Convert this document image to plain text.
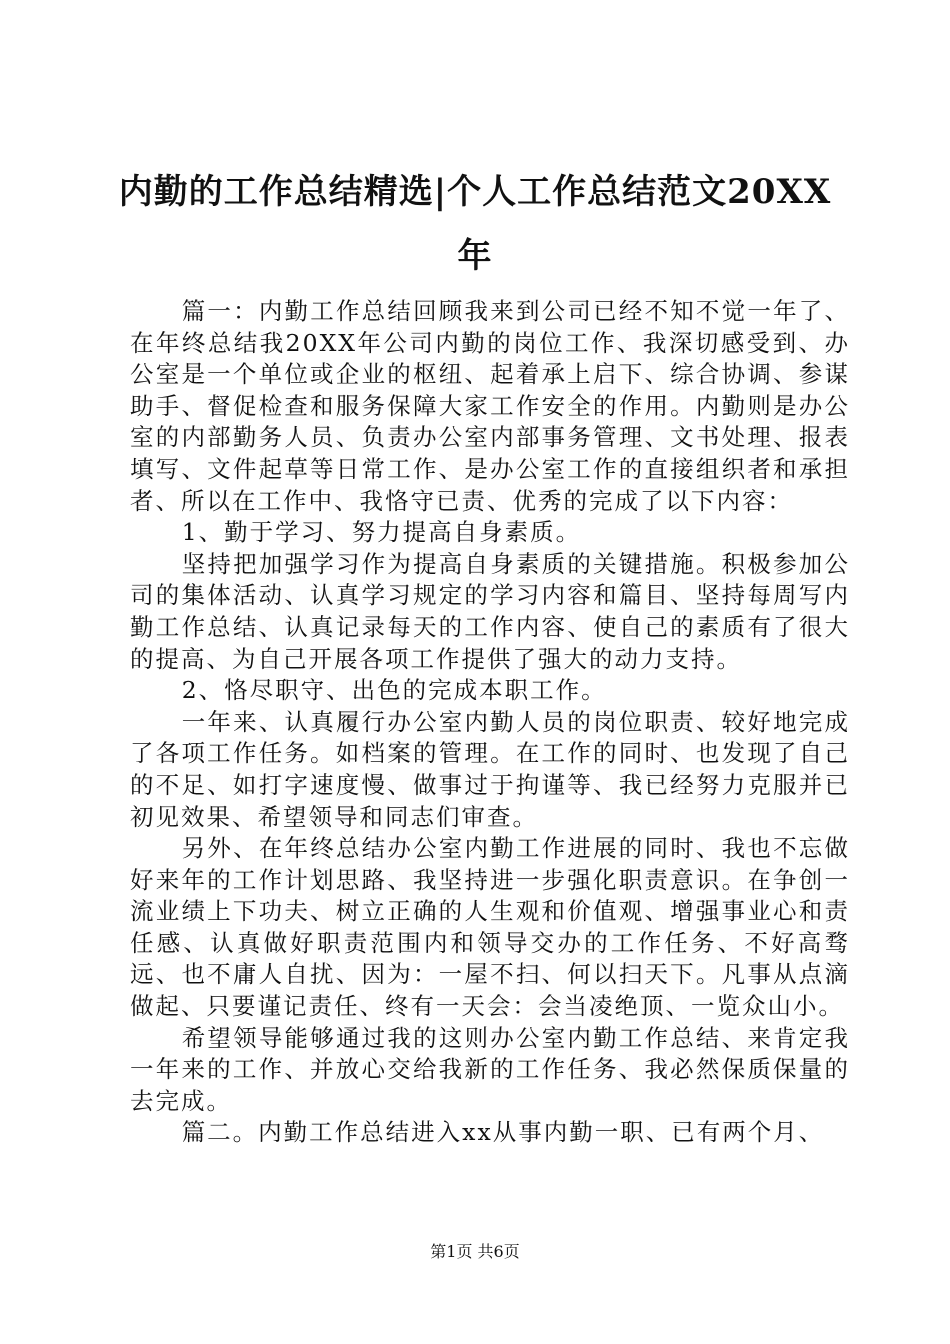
内勤的工作总结精选|个人工作总结范文20XX年

篇一：内勤工作总结回顾我来到公司已经不知不觉一年了、在年终总结我20XX年公司内勤的岗位工作、我深切感受到、办公室是一个单位或企业的枢纽、起着承上启下、综合协调、参谋助手、督促检查和服务保障大家工作安全的作用。内勤则是办公室的内部勤务人员、负责办公室内部事务管理、文书处理、报表填写、文件起草等日常工作、是办公室工作的直接组织者和承担者、所以在工作中、我恪守已责、优秀的完成了以下内容：

1、勤于学习、努力提高自身素质。

坚持把加强学习作为提高自身素质的关键措施。积极参加公司的集体活动、认真学习规定的学习内容和篇目、坚持每周写内勤工作总结、认真记录每天的工作内容、使自己的素质有了很大的提高、为自己开展各项工作提供了强大的动力支持。

2、恪尽职守、出色的完成本职工作。

一年来、认真履行办公室内勤人员的岗位职责、较好地完成了各项工作任务。如档案的管理。在工作的同时、也发现了自己的不足、如打字速度慢、做事过于拘谨等、我已经努力克服并已初见效果、希望领导和同志们审查。

另外、在年终总结办公室内勤工作进展的同时、我也不忘做好来年的工作计划思路、我坚持进一步强化职责意识。在争创一流业绩上下功夫、树立正确的人生观和价值观、增强事业心和责任感、认真做好职责范围内和领导交办的工作任务、不好高骛远、也不庸人自扰、因为：一屋不扫、何以扫天下。凡事从点滴做起、只要谨记责任、终有一天会：会当凌绝顶、一览众山小。

希望领导能够通过我的这则办公室内勤工作总结、来肯定我一年来的工作、并放心交给我新的工作任务、我必然保质保量的去完成。

篇二。内勤工作总结进入xx从事内勤一职、已有两个月、

第1页 共6页
